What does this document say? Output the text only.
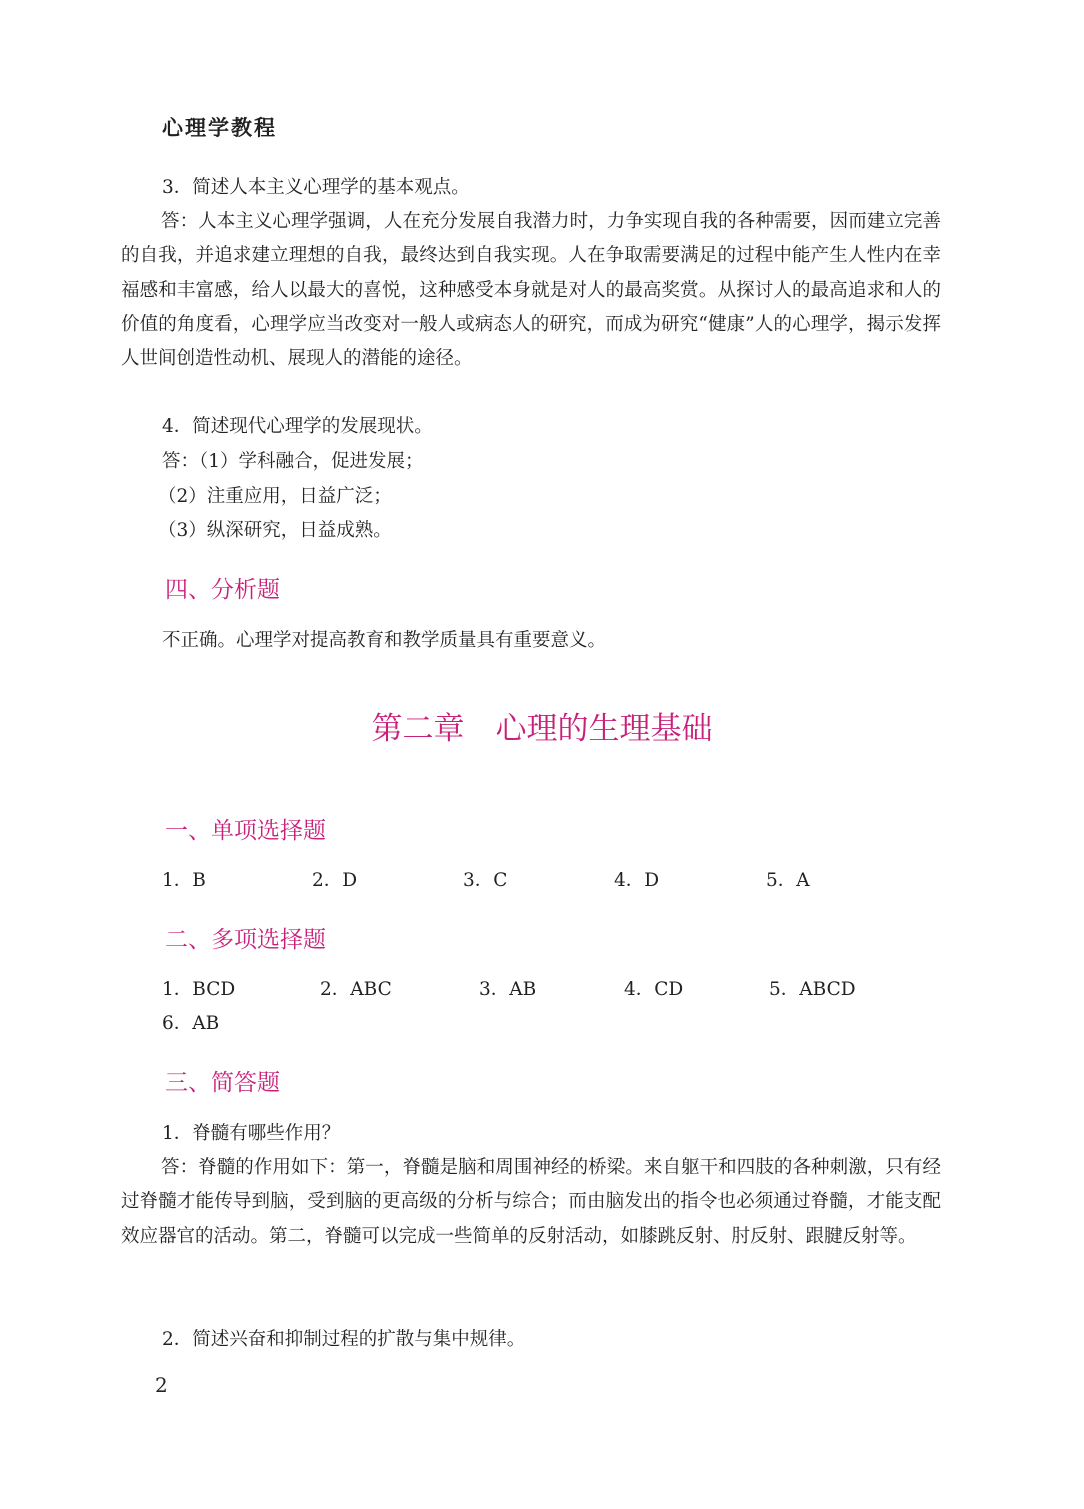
心理学教程

3．简述人本主义心理学的基本观点。

答：人本主义心理学强调，人在充分发展自我潜力时，力争实现自我的各种需要，因而建立完善的自我，并追求建立理想的自我，最终达到自我实现。人在争取需要满足的过程中能产生人性内在幸福感和丰富感，给人以最大的喜悦，这种感受本身就是对人的最高奖赏。从探讨人的最高追求和人的价值的角度看，心理学应当改变对一般人或病态人的研究，而成为研究“健康”人的心理学，揭示发挥人世间创造性动机、展现人的潜能的途径。

4．简述现代心理学的发展现状。

答：（1）学科融合，促进发展；

（2）注重应用，日益广泛；

（3）纵深研究，日益成熟。

四、分析题

不正确。心理学对提高教育和教学质量具有重要意义。

第二章　心理的生理基础

一、单项选择题

1．B	2．D	3．C	4．D	5．A

二、多项选择题

1．BCD	2．ABC	3．AB	4．CD	5．ABCD
6．AB

三、简答题

1．脊髓有哪些作用？

答：脊髓的作用如下：第一，脊髓是脑和周围神经的桥梁。来自躯干和四肢的各种刺激，只有经过脊髓才能传导到脑，受到脑的更高级的分析与综合；而由脑发出的指令也必须通过脊髓，才能支配效应器官的活动。第二，脊髓可以完成一些简单的反射活动，如膝跳反射、肘反射、跟腱反射等。

2．简述兴奋和抑制过程的扩散与集中规律。

2
